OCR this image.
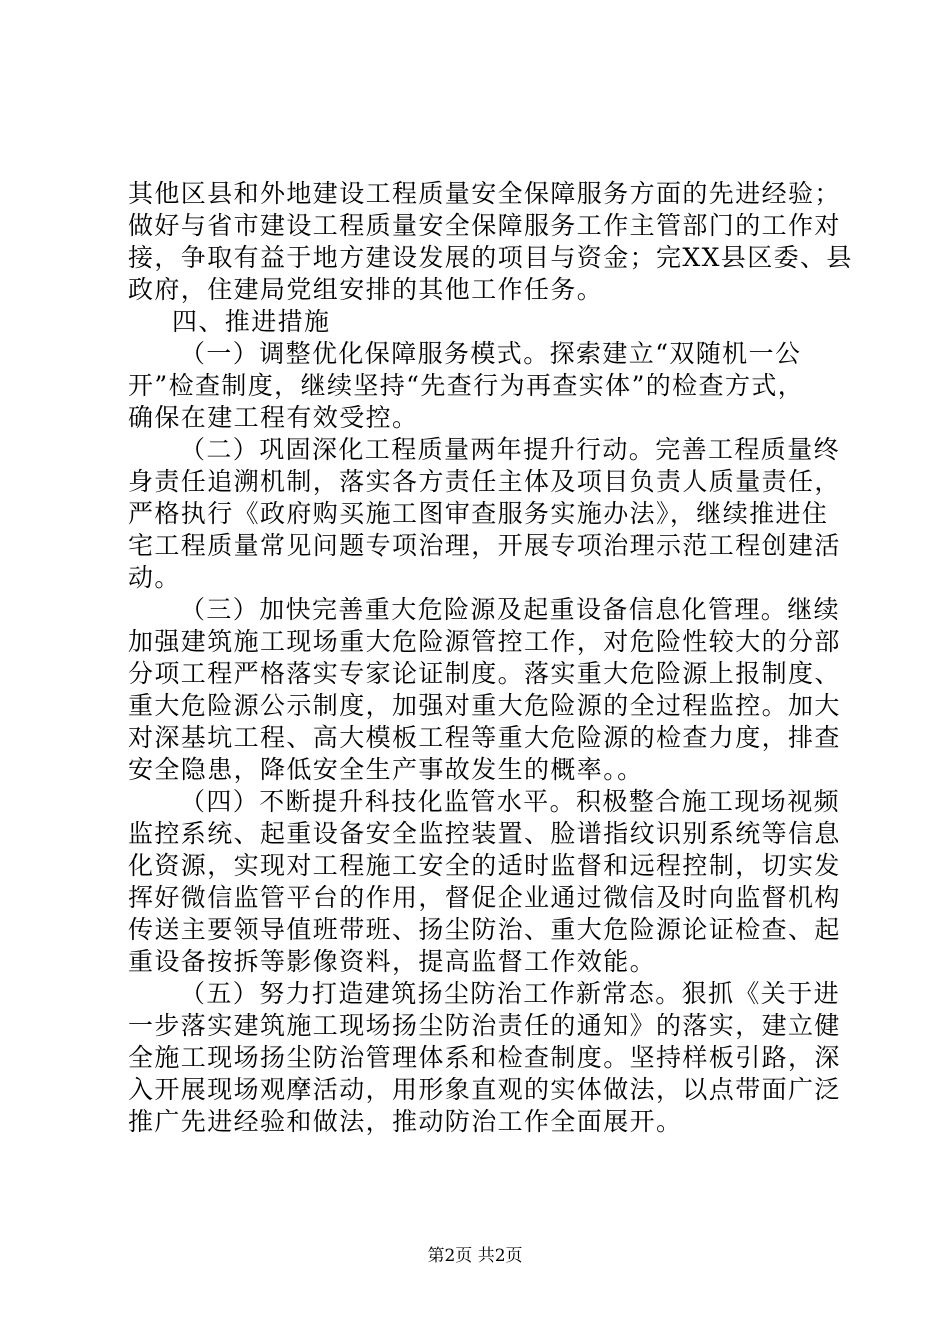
其他区县和外地建设工程质量安全保障服务方面的先进经验；
做好与省市建设工程质量安全保障服务工作主管部门的工作对
接，争取有益于地方建设发展的项目与资金；完XX县区委、县
政府，住建局党组安排的其他工作任务。
四、推进措施
（一）调整优化保障服务模式。探索建立“双随机一公
开”检查制度，继续坚持“先查行为再查实体”的检查方式，
确保在建工程有效受控。
（二）巩固深化工程质量两年提升行动。完善工程质量终
身责任追溯机制，落实各方责任主体及项目负责人质量责任，
严格执行《政府购买施工图审查服务实施办法》，继续推进住
宅工程质量常见问题专项治理，开展专项治理示范工程创建活
动。
（三）加快完善重大危险源及起重设备信息化管理。继续
加强建筑施工现场重大危险源管控工作，对危险性较大的分部
分项工程严格落实专家论证制度。落实重大危险源上报制度、
重大危险源公示制度，加强对重大危险源的全过程监控。加大
对深基坑工程、高大模板工程等重大危险源的检查力度，排查
安全隐患，降低安全生产事故发生的概率。。
（四）不断提升科技化监管水平。积极整合施工现场视频
监控系统、起重设备安全监控装置、脸谱指纹识别系统等信息
化资源，实现对工程施工安全的适时监督和远程控制，切实发
挥好微信监管平台的作用，督促企业通过微信及时向监督机构
传送主要领导值班带班、扬尘防治、重大危险源论证检查、起
重设备按拆等影像资料，提高监督工作效能。
（五）努力打造建筑扬尘防治工作新常态。狠抓《关于进
一步落实建筑施工现场扬尘防治责任的通知》的落实，建立健
全施工现场扬尘防治管理体系和检查制度。坚持样板引路，深
入开展现场观摩活动，用形象直观的实体做法，以点带面广泛
推广先进经验和做法，推动防治工作全面展开。
第2页 共2页
